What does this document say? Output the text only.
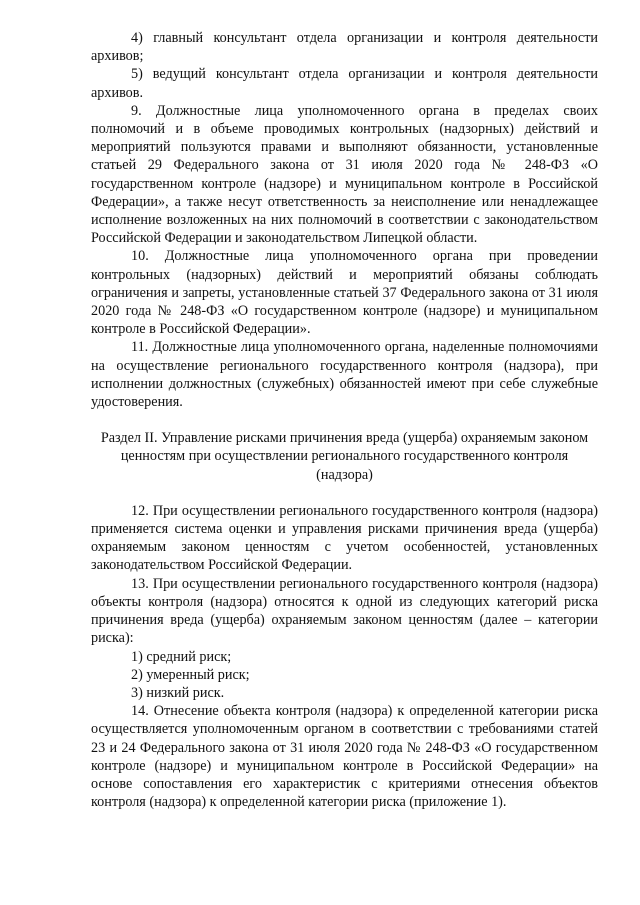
4) главный консультант отдела организации и контроля деятельности архивов;

5) ведущий консультант отдела организации и контроля деятельности архивов.

9. Должностные лица уполномоченного органа в пределах своих полномочий и в объеме проводимых контрольных (надзорных) действий и мероприятий пользуются правами и выполняют обязанности, установленные статьей 29 Федерального закона от 31 июля 2020 года № 248-ФЗ «О государственном контроле (надзоре) и муниципальном контроле в Российской Федерации», а также несут ответственность за неисполнение или ненадлежащее исполнение возложенных на них полномочий в соответствии с законодательством Российской Федерации и законодательством Липецкой области.

10. Должностные лица уполномоченного органа при проведении контрольных (надзорных) действий и мероприятий обязаны соблюдать ограничения и запреты, установленные статьей 37 Федерального закона от 31 июля 2020 года № 248-ФЗ «О государственном контроле (надзоре) и муниципальном контроле в Российской Федерации».

11. Должностные лица уполномоченного органа, наделенные полномочиями на осуществление регионального государственного контроля (надзора), при исполнении должностных (служебных) обязанностей имеют при себе служебные удостоверения.

Раздел II. Управление рисками причинения вреда (ущерба) охраняемым законом ценностям при осуществлении регионального государственного контроля (надзора)

12. При осуществлении регионального государственного контроля (надзора) применяется система оценки и управления рисками причинения вреда (ущерба) охраняемым законом ценностям с учетом особенностей, установленных законодательством Российской Федерации.

13. При осуществлении регионального государственного контроля (надзора) объекты контроля (надзора) относятся к одной из следующих категорий риска причинения вреда (ущерба) охраняемым законом ценностям (далее – категории риска):

1) средний риск;

2) умеренный риск;

3) низкий риск.

14. Отнесение объекта контроля (надзора) к определенной категории риска осуществляется уполномоченным органом в соответствии с требованиями статей 23 и 24 Федерального закона от 31 июля 2020 года № 248-ФЗ «О государственном контроле (надзоре) и муниципальном контроле в Российской Федерации» на основе сопоставления его характеристик с критериями отнесения объектов контроля (надзора) к определенной категории риска (приложение 1).
